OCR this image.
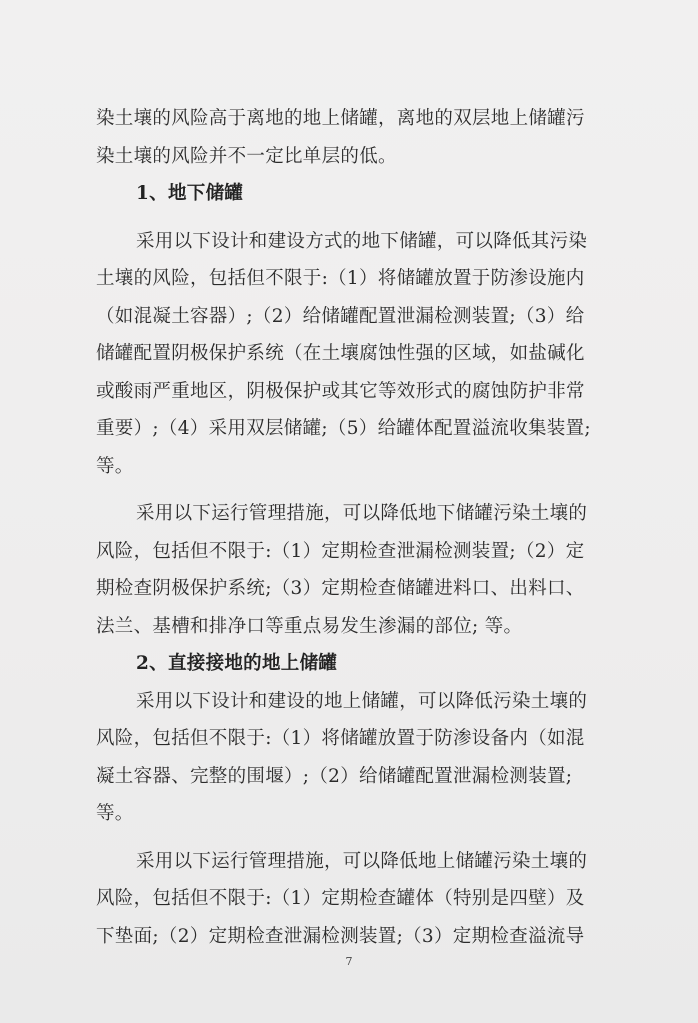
染土壤的风险高于离地的地上储罐，离地的双层地上储罐污
染土壤的风险并不一定比单层的低。
1、地下储罐
采用以下设计和建设方式的地下储罐，可以降低其污染
土壤的风险，包括但不限于:（1）将储罐放置于防渗设施内
（如混凝土容器）;（2）给储罐配置泄漏检测装置;（3）给
储罐配置阴极保护系统（在土壤腐蚀性强的区域，如盐碱化
或酸雨严重地区，阴极保护或其它等效形式的腐蚀防护非常
重要）;（4）采用双层储罐;（5）给罐体配置溢流收集装置;
等。
采用以下运行管理措施，可以降低地下储罐污染土壤的
风险，包括但不限于:（1）定期检查泄漏检测装置;（2）定
期检查阴极保护系统;（3）定期检查储罐进料口、出料口、
法兰、基槽和排净口等重点易发生渗漏的部位; 等。
2、直接接地的地上储罐
采用以下设计和建设的地上储罐，可以降低污染土壤的
风险，包括但不限于:（1）将储罐放置于防渗设备内（如混
凝土容器、完整的围堰）;（2）给储罐配置泄漏检测装置;
等。
采用以下运行管理措施，可以降低地上储罐污染土壤的
风险，包括但不限于:（1）定期检查罐体（特别是四壁）及
下垫面;（2）定期检查泄漏检测装置;（3）定期检查溢流导
7
